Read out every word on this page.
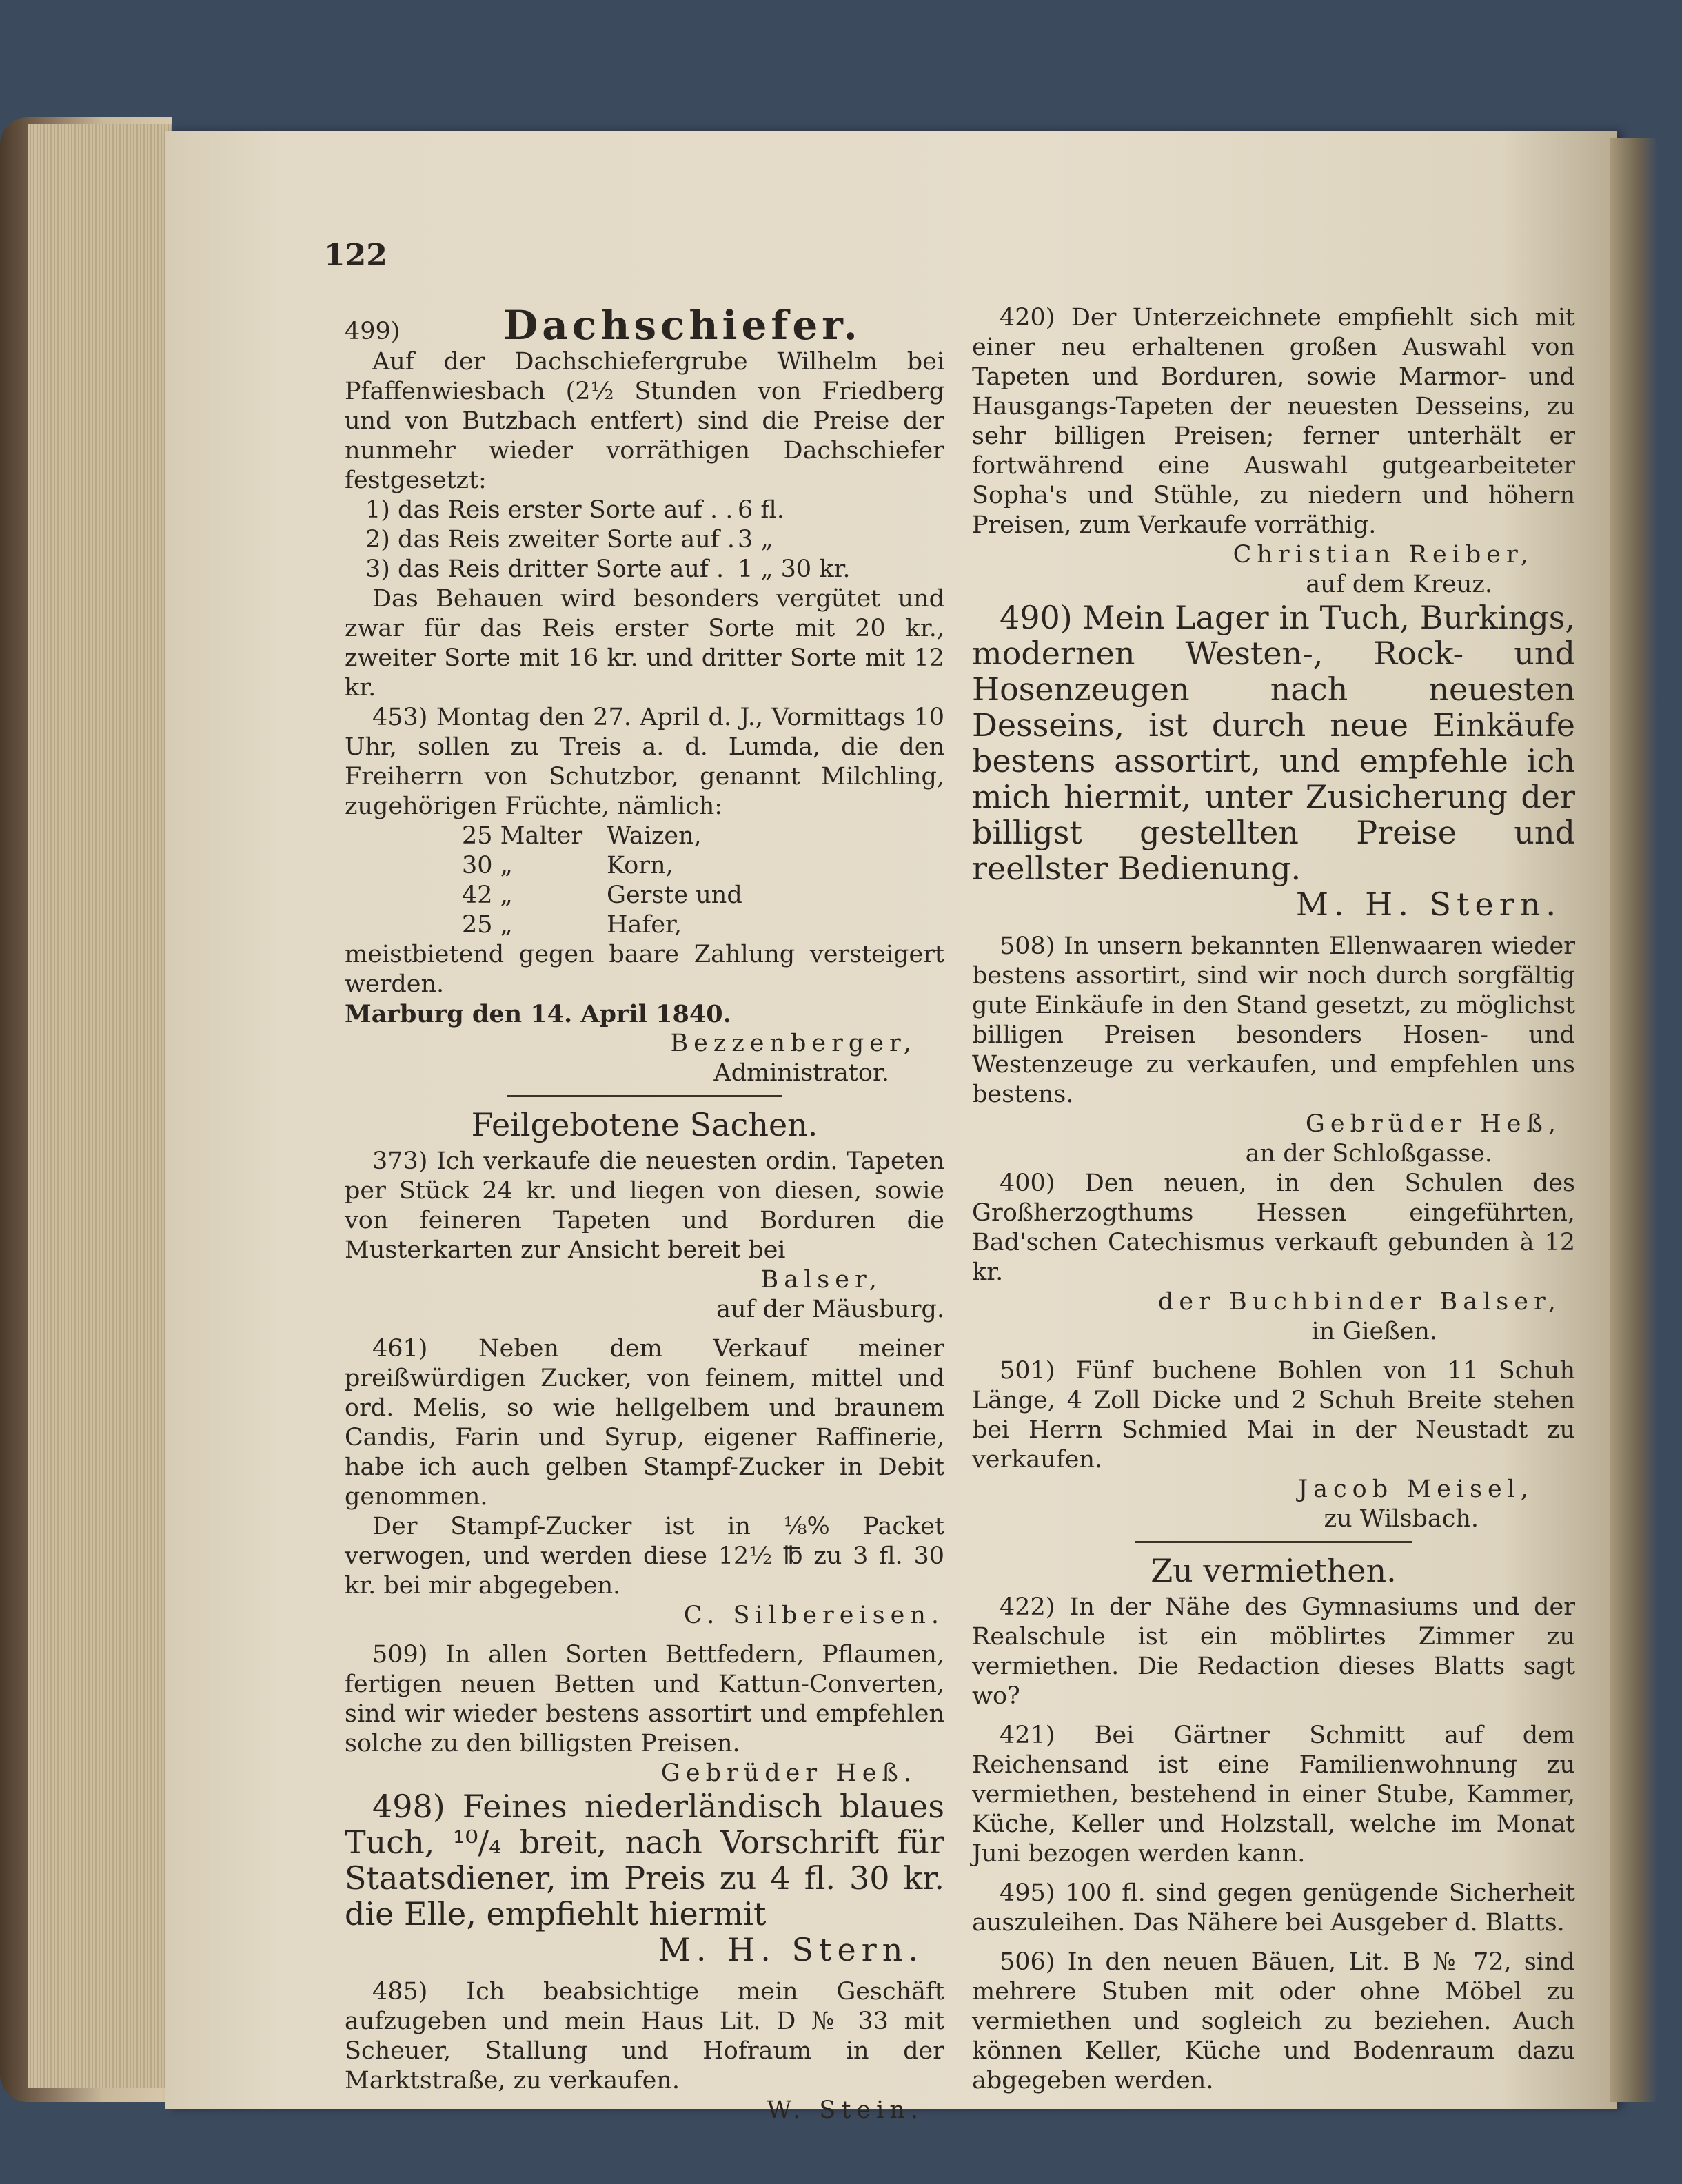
122
499)	Dachschiefer.

Auf der Dachschiefergrube Wilhelm bei Pfaffenwiesbach (2½ Stunden von Friedberg und von Butzbach entfert) sind die Preise der nunmehr wieder vorräthigen Dachschiefer festgesetzt:

1) das Reis erster Sorte auf . . 6 fl.
2) das Reis zweiter Sorte auf . 3 „
3) das Reis dritter Sorte auf . 1 „ 30 kr.

Das Behauen wird besonders vergütet und zwar für das Reis erster Sorte mit 20 kr., zweiter Sorte mit 16 kr. und dritter Sorte mit 12 kr.

453) Montag den 27. April d. J., Vormittags 10 Uhr, sollen zu Treis a. d. Lumda, die den Freiherrn von Schutzbor, genannt Milchling, zugehörigen Früchte, nämlich:

25 Malter Waizen,
30 „	Korn,
42 „	Gerste und
25 „	Hafer,

meistbietend gegen baare Zahlung versteigert werden.

Marburg den 14. April 1840.

Bezzenberger,

Administrator.

Feilgebotene Sachen.

373) Ich verkaufe die neuesten ordin. Tapeten per Stück 24 kr. und liegen von diesen, sowie von feineren Tapeten und Borduren die Musterkarten zur Ansicht bereit bei

Balser,

auf der Mäusburg.

461) Neben dem Verkauf meiner preißwürdigen Zucker, von feinem, mittel und ord. Melis, so wie hellgelbem und braunem Candis, Farin und Syrup, eigener Raffinerie, habe ich auch gelben Stampf-Zucker in Debit genommen.

Der Stampf-Zucker ist in ⅛% Packet verwogen, und werden diese 12½ ℔ zu 3 fl. 30 kr. bei mir abgegeben.

C. Silbereisen.

509) In allen Sorten Bettfedern, Pflaumen, fertigen neuen Betten und Kattun-Converten, sind wir wieder bestens assortirt und empfehlen solche zu den billigsten Preisen.

Gebrüder Heß.

498) Feines niederländisch blaues Tuch, ¹⁰/₄ breit, nach Vorschrift für Staatsdiener, im Preis zu 4 fl. 30 kr. die Elle, empfiehlt hiermit

M. H. Stern.

485) Ich beabsichtige mein Geschäft aufzugeben und mein Haus Lit. D № 33 mit Scheuer, Stallung und Hofraum in der Marktstraße, zu verkaufen.

W. Stein.

420) Der Unterzeichnete empfiehlt sich mit einer neu erhaltenen großen Auswahl von Tapeten und Borduren, sowie Marmor- und Hausgangs-Tapeten der neuesten Desseins, zu sehr billigen Preisen; ferner unterhält er fortwährend eine Auswahl gutgearbeiteter Sopha's und Stühle, zu niedern und höhern Preisen, zum Verkaufe vorräthig.

Christian Reiber,

auf dem Kreuz.

490) Mein Lager in Tuch, Burkings, modernen Westen-, Rock- und Hosenzeugen nach neuesten Desseins, ist durch neue Einkäufe bestens assortirt, und empfehle ich mich hiermit, unter Zusicherung der billigst gestellten Preise und reellster Bedienung.

M. H. Stern.

508) In unsern bekannten Ellenwaaren wieder bestens assortirt, sind wir noch durch sorgfältig gute Einkäufe in den Stand gesetzt, zu möglichst billigen Preisen besonders Hosen- und Westenzeuge zu verkaufen, und empfehlen uns bestens.

Gebrüder Heß,

an der Schloßgasse.

400) Den neuen, in den Schulen des Großherzogthums Hessen eingeführten, Bad'schen Catechismus verkauft gebunden à 12 kr.

der Buchbinder Balser,

in Gießen.

501) Fünf buchene Bohlen von 11 Schuh Länge, 4 Zoll Dicke und 2 Schuh Breite stehen bei Herrn Schmied Mai in der Neustadt zu verkaufen.

Jacob Meisel,

zu Wilsbach.

Zu vermiethen.

422) In der Nähe des Gymnasiums und der Realschule ist ein möblirtes Zimmer zu vermiethen. Die Redaction dieses Blatts sagt wo?

421) Bei Gärtner Schmitt auf dem Reichensand ist eine Familienwohnung zu vermiethen, bestehend in einer Stube, Kammer, Küche, Keller und Holzstall, welche im Monat Juni bezogen werden kann.

495) 100 fl. sind gegen genügende Sicherheit auszuleihen. Das Nähere bei Ausgeber d. Blatts.

506) In den neuen Bäuen, Lit. B № 72, sind mehrere Stuben mit oder ohne Möbel zu vermiethen und sogleich zu beziehen. Auch können Keller, Küche und Bodenraum dazu abgegeben werden.
